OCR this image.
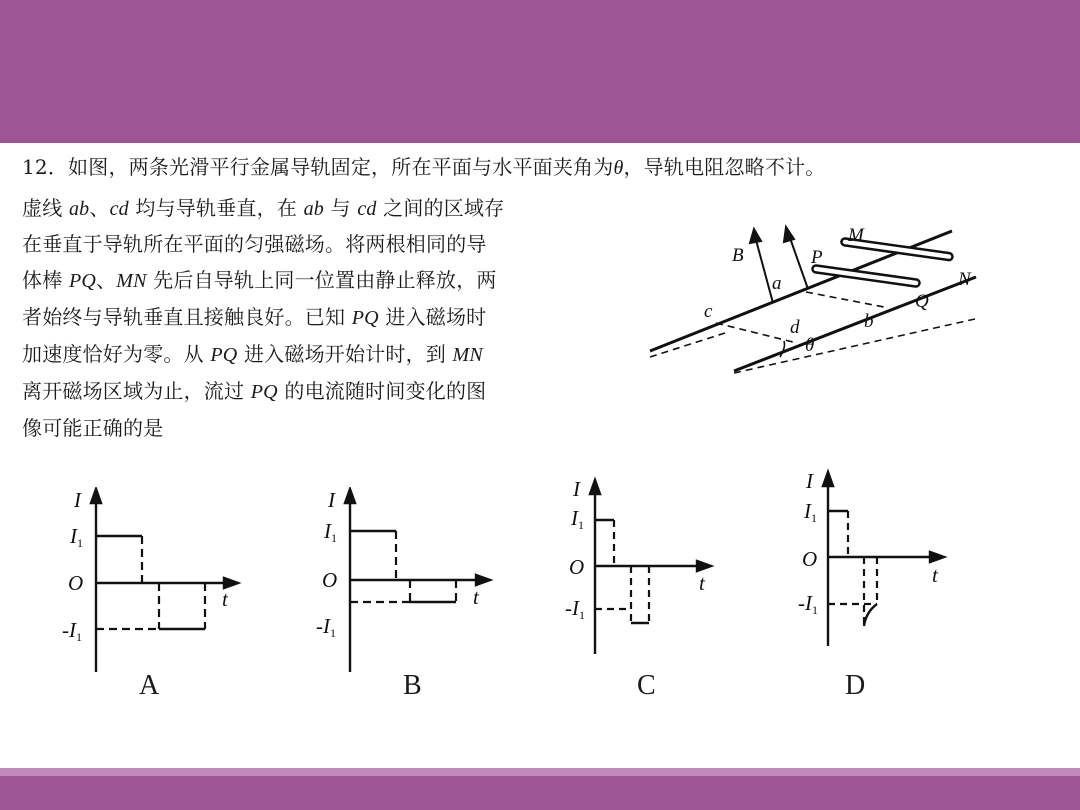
12．如图，两条光滑平行金属导轨固定，所在平面与水平面夹角为θ，导轨电阻忽略不计。
虚线 ab、cd 均与导轨垂直，在 ab 与 cd 之间的区域存
在垂直于导轨所在平面的匀强磁场。将两根相同的导
体棒 PQ、MN 先后自导轨上同一位置由静止释放，两
者始终与导轨垂直且接触良好。已知 PQ 进入磁场时
加速度恰好为零。从 PQ 进入磁场开始计时，到 MN
离开磁场区域为止，流过 PQ 的电流随时间变化的图
像可能正确的是
B	P
M
N
Q
a
b
c
d
θ
I
I1
O
t
-I1
A
I
I1
O
t
-I1
B
I
I1
O
t
-I1
C
I
I1
O
t
-I1
D
